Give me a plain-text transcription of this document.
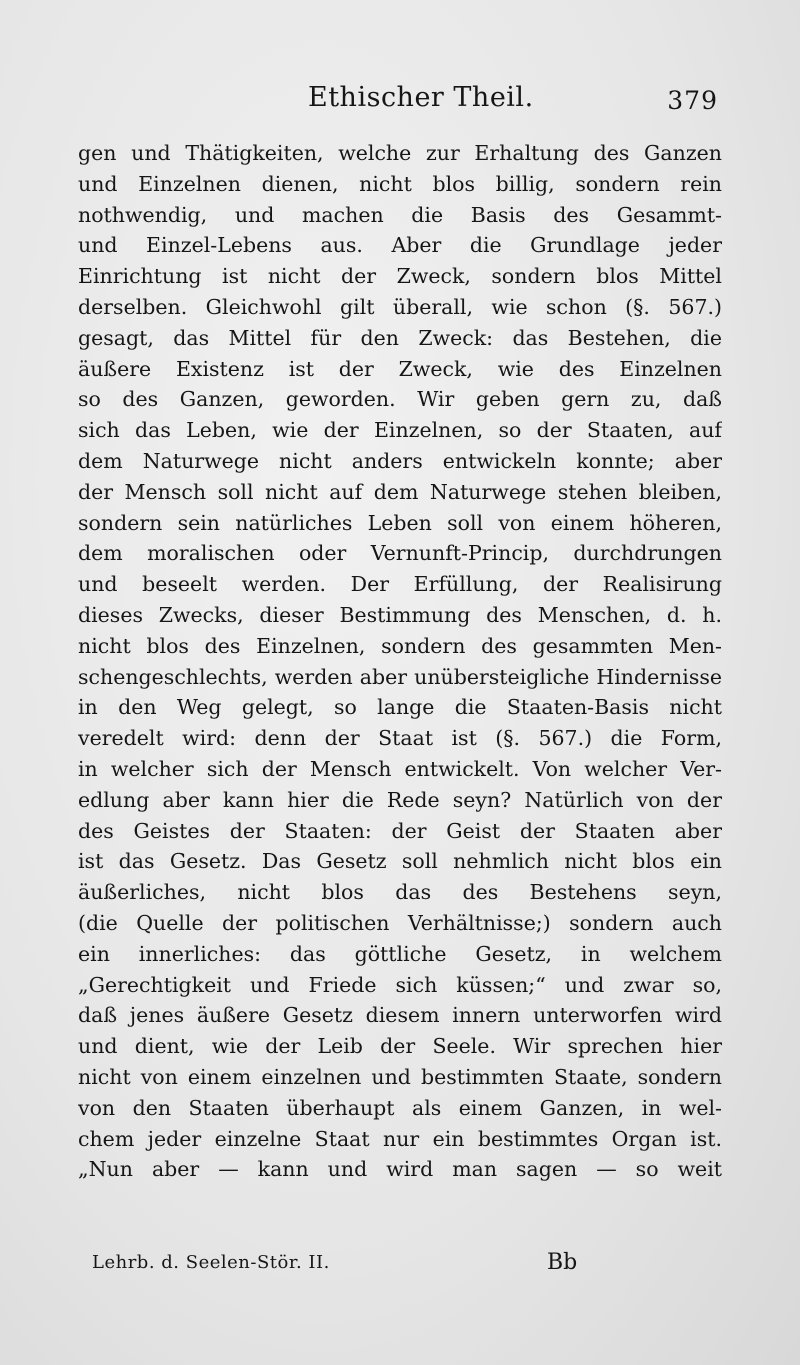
Ethischer Theil.	379
gen und Thätigkeiten, welche zur Erhaltung des Ganzen
und Einzelnen dienen, nicht blos billig, sondern rein
nothwendig, und machen die Basis des Gesammt-
und Einzel-Lebens aus. Aber die Grundlage jeder
Einrichtung ist nicht der Zweck, sondern blos Mittel
derselben. Gleichwohl gilt überall, wie schon (§. 567.)
gesagt, das Mittel für den Zweck: das Bestehen, die
äußere Existenz ist der Zweck, wie des Einzelnen
so des Ganzen, geworden. Wir geben gern zu, daß
sich das Leben, wie der Einzelnen, so der Staaten, auf
dem Naturwege nicht anders entwickeln konnte; aber
der Mensch soll nicht auf dem Naturwege stehen bleiben,
sondern sein natürliches Leben soll von einem höheren,
dem moralischen oder Vernunft-Princip, durchdrungen
und beseelt werden. Der Erfüllung, der Realisirung
dieses Zwecks, dieser Bestimmung des Menschen, d. h.
nicht blos des Einzelnen, sondern des gesammten Men-
schengeschlechts, werden aber unübersteigliche Hindernisse
in den Weg gelegt, so lange die Staaten-Basis nicht
veredelt wird: denn der Staat ist (§. 567.) die Form,
in welcher sich der Mensch entwickelt. Von welcher Ver-
edlung aber kann hier die Rede seyn? Natürlich von der
des Geistes der Staaten: der Geist der Staaten aber
ist das Gesetz. Das Gesetz soll nehmlich nicht blos ein
äußerliches, nicht blos das des Bestehens seyn,
(die Quelle der politischen Verhältnisse;) sondern auch
ein innerliches: das göttliche Gesetz, in welchem
„Gerechtigkeit und Friede sich küssen;“ und zwar so,
daß jenes äußere Gesetz diesem innern unterworfen wird
und dient, wie der Leib der Seele. Wir sprechen hier
nicht von einem einzelnen und bestimmten Staate, sondern
von den Staaten überhaupt als einem Ganzen, in wel-
chem jeder einzelne Staat nur ein bestimmtes Organ ist.
„Nun aber — kann und wird man sagen — so weit
Lehrb. d. Seelen-Stör. II.	Bb
